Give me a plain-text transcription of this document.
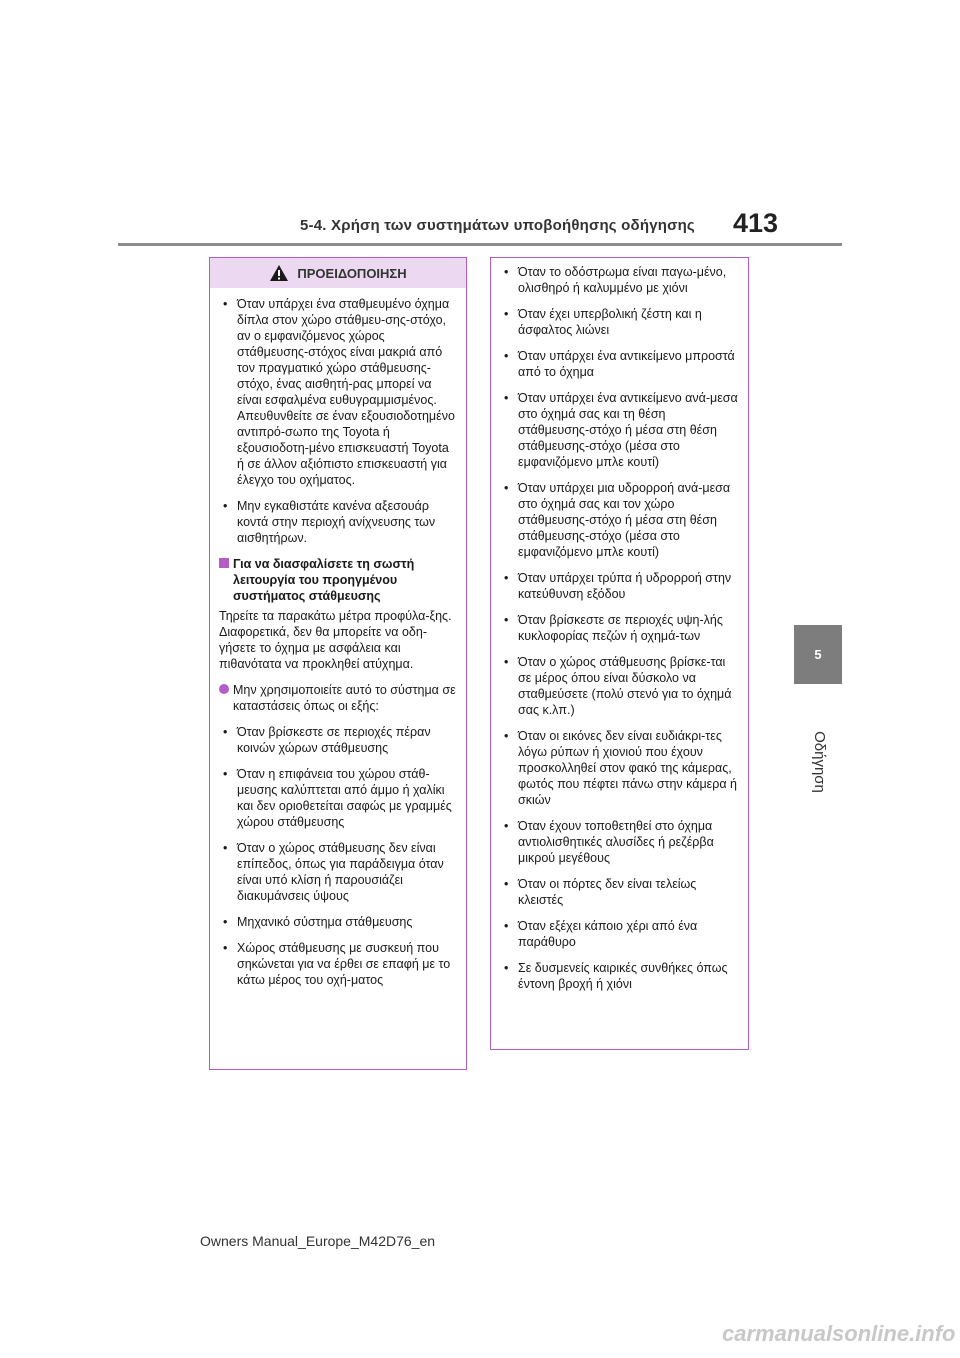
5-4. Χρήση των συστημάτων υποβοήθησης οδήγησης 413
5
Οδήγηση
ΠΡΟΕΙΔΟΠΟΙΗΣΗ
• Όταν υπάρχει ένα σταθμευμένο όχημα δίπλα στον χώρο στάθμευ-σης-στόχο, αν ο εμφανιζόμενος χώρος στάθμευσης-στόχος είναι μακριά από τον πραγματικό χώρο στάθμευσης-στόχο, ένας αισθητή-ρας μπορεί να είναι εσφαλμένα ευθυγραμμισμένος. Απευθυνθείτε σε έναν εξουσιοδοτημένο αντιπρό-σωπο της Toyota ή εξουσιοδοτη-μένο επισκευαστή Toyota ή σε άλλον αξιόπιστο επισκευαστή για έλεγχο του οχήματος.
• Μην εγκαθιστάτε κανένα αξεσουάρ κοντά στην περιοχή ανίχνευσης των αισθητήρων.
Για να διασφαλίσετε τη σωστή λειτουργία του προηγμένου συστήματος στάθμευσης
Τηρείτε τα παρακάτω μέτρα προφύλα-ξης.
Διαφορετικά, δεν θα μπορείτε να οδη-γήσετε το όχημα με ασφάλεια και πιθανότατα να προκληθεί ατύχημα.
Μην χρησιμοποιείτε αυτό το σύστημα σε καταστάσεις όπως οι εξής:
• Όταν βρίσκεστε σε περιοχές πέραν κοινών χώρων στάθμευσης
• Όταν η επιφάνεια του χώρου στάθ-μευσης καλύπτεται από άμμο ή χαλίκι και δεν οριοθετείται σαφώς με γραμμές χώρου στάθμευσης
• Όταν ο χώρος στάθμευσης δεν είναι επίπεδος, όπως για παράδειγμα όταν είναι υπό κλίση ή παρουσιάζει διακυμάνσεις ύψους
• Μηχανικό σύστημα στάθμευσης
• Χώρος στάθμευσης με συσκευή που σηκώνεται για να έρθει σε επαφή με το κάτω μέρος του οχή-ματος
• Όταν το οδόστρωμα είναι παγω-μένο, ολισθηρό ή καλυμμένο με χιόνι
• Όταν έχει υπερβολική ζέστη και η άσφαλτος λιώνει
• Όταν υπάρχει ένα αντικείμενο μπροστά από το όχημα
• Όταν υπάρχει ένα αντικείμενο ανά-μεσα στο όχημά σας και τη θέση στάθμευσης-στόχο ή μέσα στη θέση στάθμευσης-στόχο (μέσα στο εμφανιζόμενο μπλε κουτί)
• Όταν υπάρχει μια υδρορροή ανά-μεσα στο όχημά σας και τον χώρο στάθμευσης-στόχο ή μέσα στη θέση στάθμευσης-στόχο (μέσα στο εμφανιζόμενο μπλε κουτί)
• Όταν υπάρχει τρύπα ή υδρορροή στην κατεύθυνση εξόδου
• Όταν βρίσκεστε σε περιοχές υψη-λής κυκλοφορίας πεζών ή οχημά-των
• Όταν ο χώρος στάθμευσης βρίσκε-ται σε μέρος όπου είναι δύσκολο να σταθμεύσετε (πολύ στενό για το όχημά σας κ.λπ.)
• Όταν οι εικόνες δεν είναι ευδιάκρι-τες λόγω ρύπων ή χιονιού που έχουν προσκολληθεί στον φακό της κάμερας, φωτός που πέφτει πάνω στην κάμερα ή σκιών
• Όταν έχουν τοποθετηθεί στο όχημα αντιολισθητικές αλυσίδες ή ρεζέρβα μικρού μεγέθους
• Όταν οι πόρτες δεν είναι τελείως κλειστές
• Όταν εξέχει κάποιο χέρι από ένα παράθυρο
• Σε δυσμενείς καιρικές συνθήκες όπως έντονη βροχή ή χιόνι
Owners Manual_Europe_M42D76_en
carmanualsonline.info
